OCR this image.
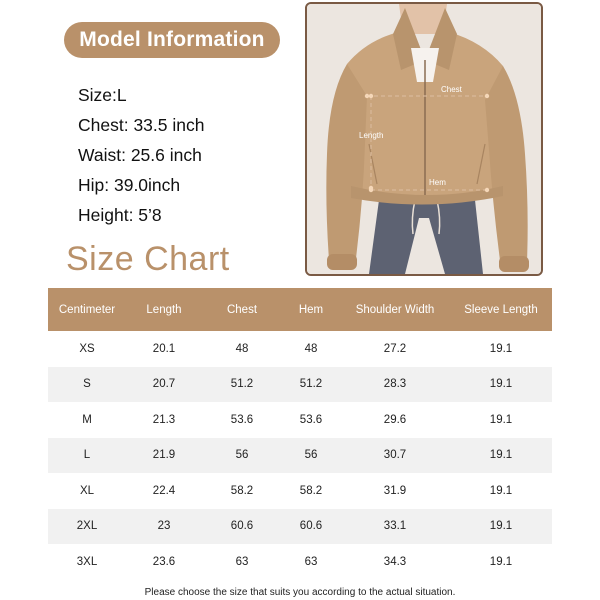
Model Information
Size:L
Chest: 33.5 inch
Waist: 25.6 inch
Hip: 39.0inch
Height: 5’8
Chest
Length
Hem
Size Chart
Centimeter	Length	Chest	Hem	Shoulder Width	Sleeve Length
XS	20.1	48	48	27.2	19.1
S	20.7	51.2	51.2	28.3	19.1
M	21.3	53.6	53.6	29.6	19.1
L	21.9	56	56	30.7	19.1
XL	22.4	58.2	58.2	31.9	19.1
2XL	23	60.6	60.6	33.1	19.1
3XL	23.6	63	63	34.3	19.1
Please choose the size that suits you according to the actual situation.
